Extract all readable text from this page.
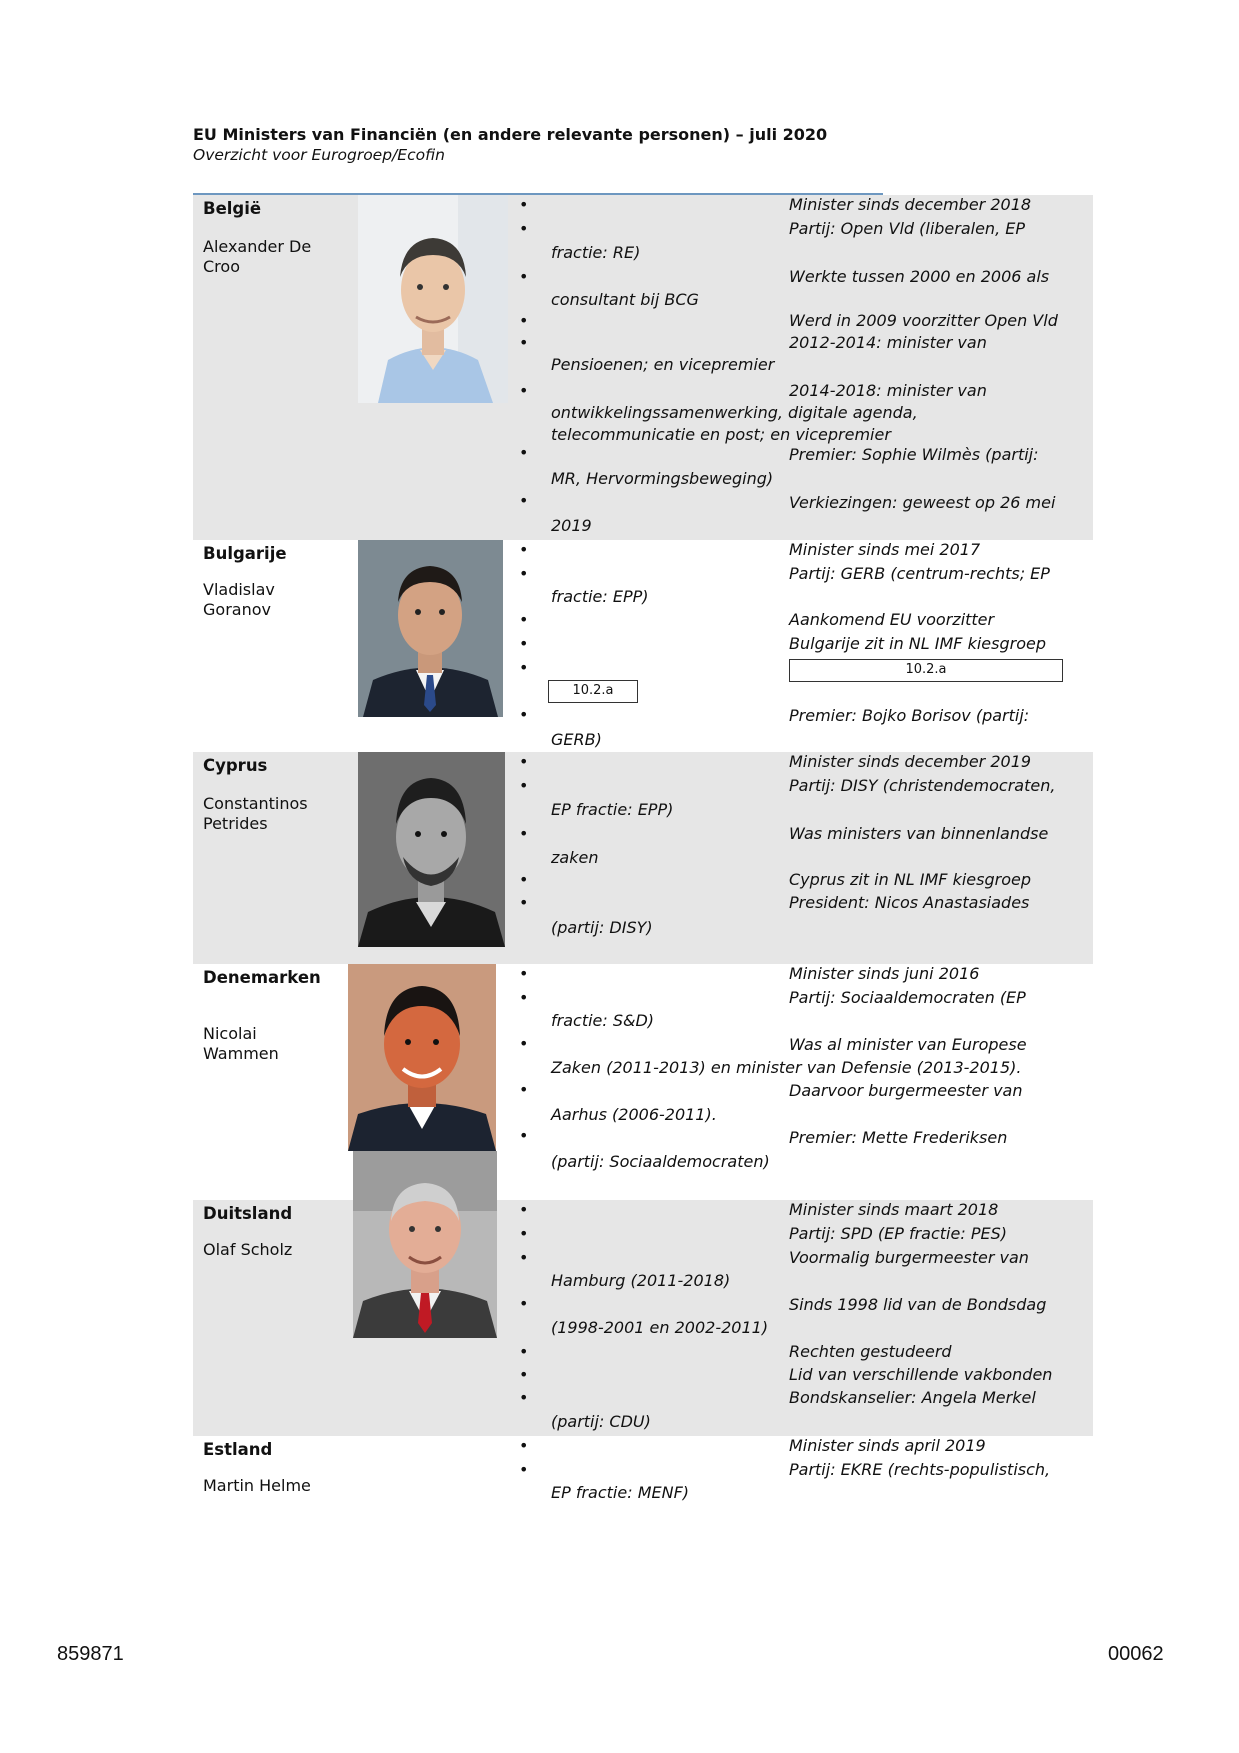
EU Ministers van Financiën (en andere relevante personen) – juli 2020
Overzicht voor Eurogroep/Ecofin
België
Alexander De
Croo
•
•
•
•
•
•
•
•
Minister sinds december 2018
Partij: Open Vld (liberalen, EP
fractie: RE)
Werkte tussen 2000 en 2006 als
consultant bij BCG
Werd in 2009 voorzitter Open Vld
2012-2014: minister van
Pensioenen; en vicepremier
2014-2018: minister van
ontwikkelingssamenwerking, digitale agenda,
telecommunicatie en post; en vicepremier
Premier: Sophie Wilmès (partij:
MR, Hervormingsbeweging)
Verkiezingen: geweest op 26 mei
2019
Bulgarije
Vladislav
Goranov
•
•
•
•
•
•
Minister sinds mei 2017
Partij: GERB (centrum-rechts; EP
fractie: EPP)
Aankomend EU voorzitter
Bulgarije zit in NL IMF kiesgroep
10.2.a
10.2.a
Premier: Bojko Borisov (partij:
GERB)
Cyprus
Constantinos
Petrides
•
•
•
•
•
Minister sinds december 2019
Partij: DISY (christendemocraten,
EP fractie: EPP)
Was ministers van binnenlandse
zaken
Cyprus zit in NL IMF kiesgroep
President: Nicos Anastasiades
(partij: DISY)
Denemarken
Nicolai
Wammen
•
•
•
•
•
Minister sinds juni 2016
Partij: Sociaaldemocraten (EP
fractie: S&D)
Was al minister van Europese
Zaken (2011-2013) en minister van Defensie (2013-2015).
Daarvoor burgermeester van
Aarhus (2006-2011).
Premier: Mette Frederiksen
(partij: Sociaaldemocraten)
Duitsland
Olaf Scholz
•
•
•
•
•
•
•
Minister sinds maart 2018
Partij: SPD (EP fractie: PES)
Voormalig burgermeester van
Hamburg (2011-2018)
Sinds 1998 lid van de Bondsdag
(1998-2001 en 2002-2011)
Rechten gestudeerd
Lid van verschillende vakbonden
Bondskanselier: Angela Merkel
(partij: CDU)
Estland
Martin Helme
•
•
Minister sinds april 2019
Partij: EKRE (rechts-populistisch,
EP fractie: MENF)
859871	00062
